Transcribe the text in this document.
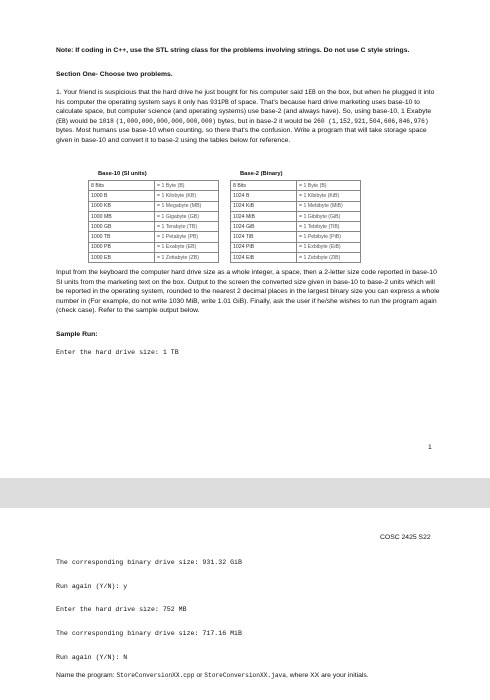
Note: If coding in C++, use the STL string class for the problems involving strings. Do not use C style strings.
Section One- Choose two problems.
1. Your friend is suspicious that the hard drive he just bought for his computer said 1EB on the box, but when he plugged it into his computer the operating system says it only has 931PB of space. That's because hard drive marketing uses base-10 to calculate space, but computer science (and operating systems) use base-2 (and always have). So, using base-10, 1 Exabyte (EB) would be 1018 (1,000,000,000,000,000,000) bytes, but in base-2 it would be 260 (1,152,921,504,606,846,976) bytes. Most humans use base-10 when counting, so there that's the confusion. Write a program that will take storage space given in base-10 and convert it to base-2 using the tables below for reference.
Base-10 (SI units)	Base-2 (Binary)
8 Bits	= 1 Byte (B)
1000 B	= 1 Kilobyte (KB)
1000 KB	= 1 Megabyte (MB)
1000 MB	= 1 Gigabyte (GB)
1000 GB	= 1 Terabyte (TB)
1000 TB	= 1 Petabyte (PB)
1000 PB	= 1 Exabyte (EB)
1000 EB	= 1 Zettabyte (ZB)
8 Bits	= 1 Byte (B)
1024 B	= 1 Kibibyte (KiB)
1024 KiB	= 1 Mebibyte (MiB)
1024 MiB	= 1 Gibibyte (GiB)
1024 GiB	= 1 Tebibyte (TiB)
1024 TiB	= 1 Pebibyte (PiB)
1024 PiB	= 1 Exbibyte (EiB)
1024 EiB	= 1 Zebibyte (ZiB)
Input from the keyboard the computer hard drive size as a whole integer, a space, then a 2-letter size code reported in base-10 SI units from the marketing text on the box. Output to the screen the converted size given in base-10 to base-2 units which will be reported in the operating system, rounded to the nearest 2 decimal places in the largest binary size you can express a whole number in (For example, do not write 1030 MiB, write 1.01 GiB). Finally, ask the user if he/she wishes to run the program again (check case). Refer to the sample output below.
Sample Run:
Enter the hard drive size: 1 TB
1
COSC 2425 S22
The corresponding binary drive size: 931.32 GiB
Run again (Y/N): y
Enter the hard drive size: 752 MB
The corresponding binary drive size: 717.16 MiB
Run again (Y/N): N
Name the program: StoreConversionXX.cpp or StoreConversionXX.java, where XX are your initials.
